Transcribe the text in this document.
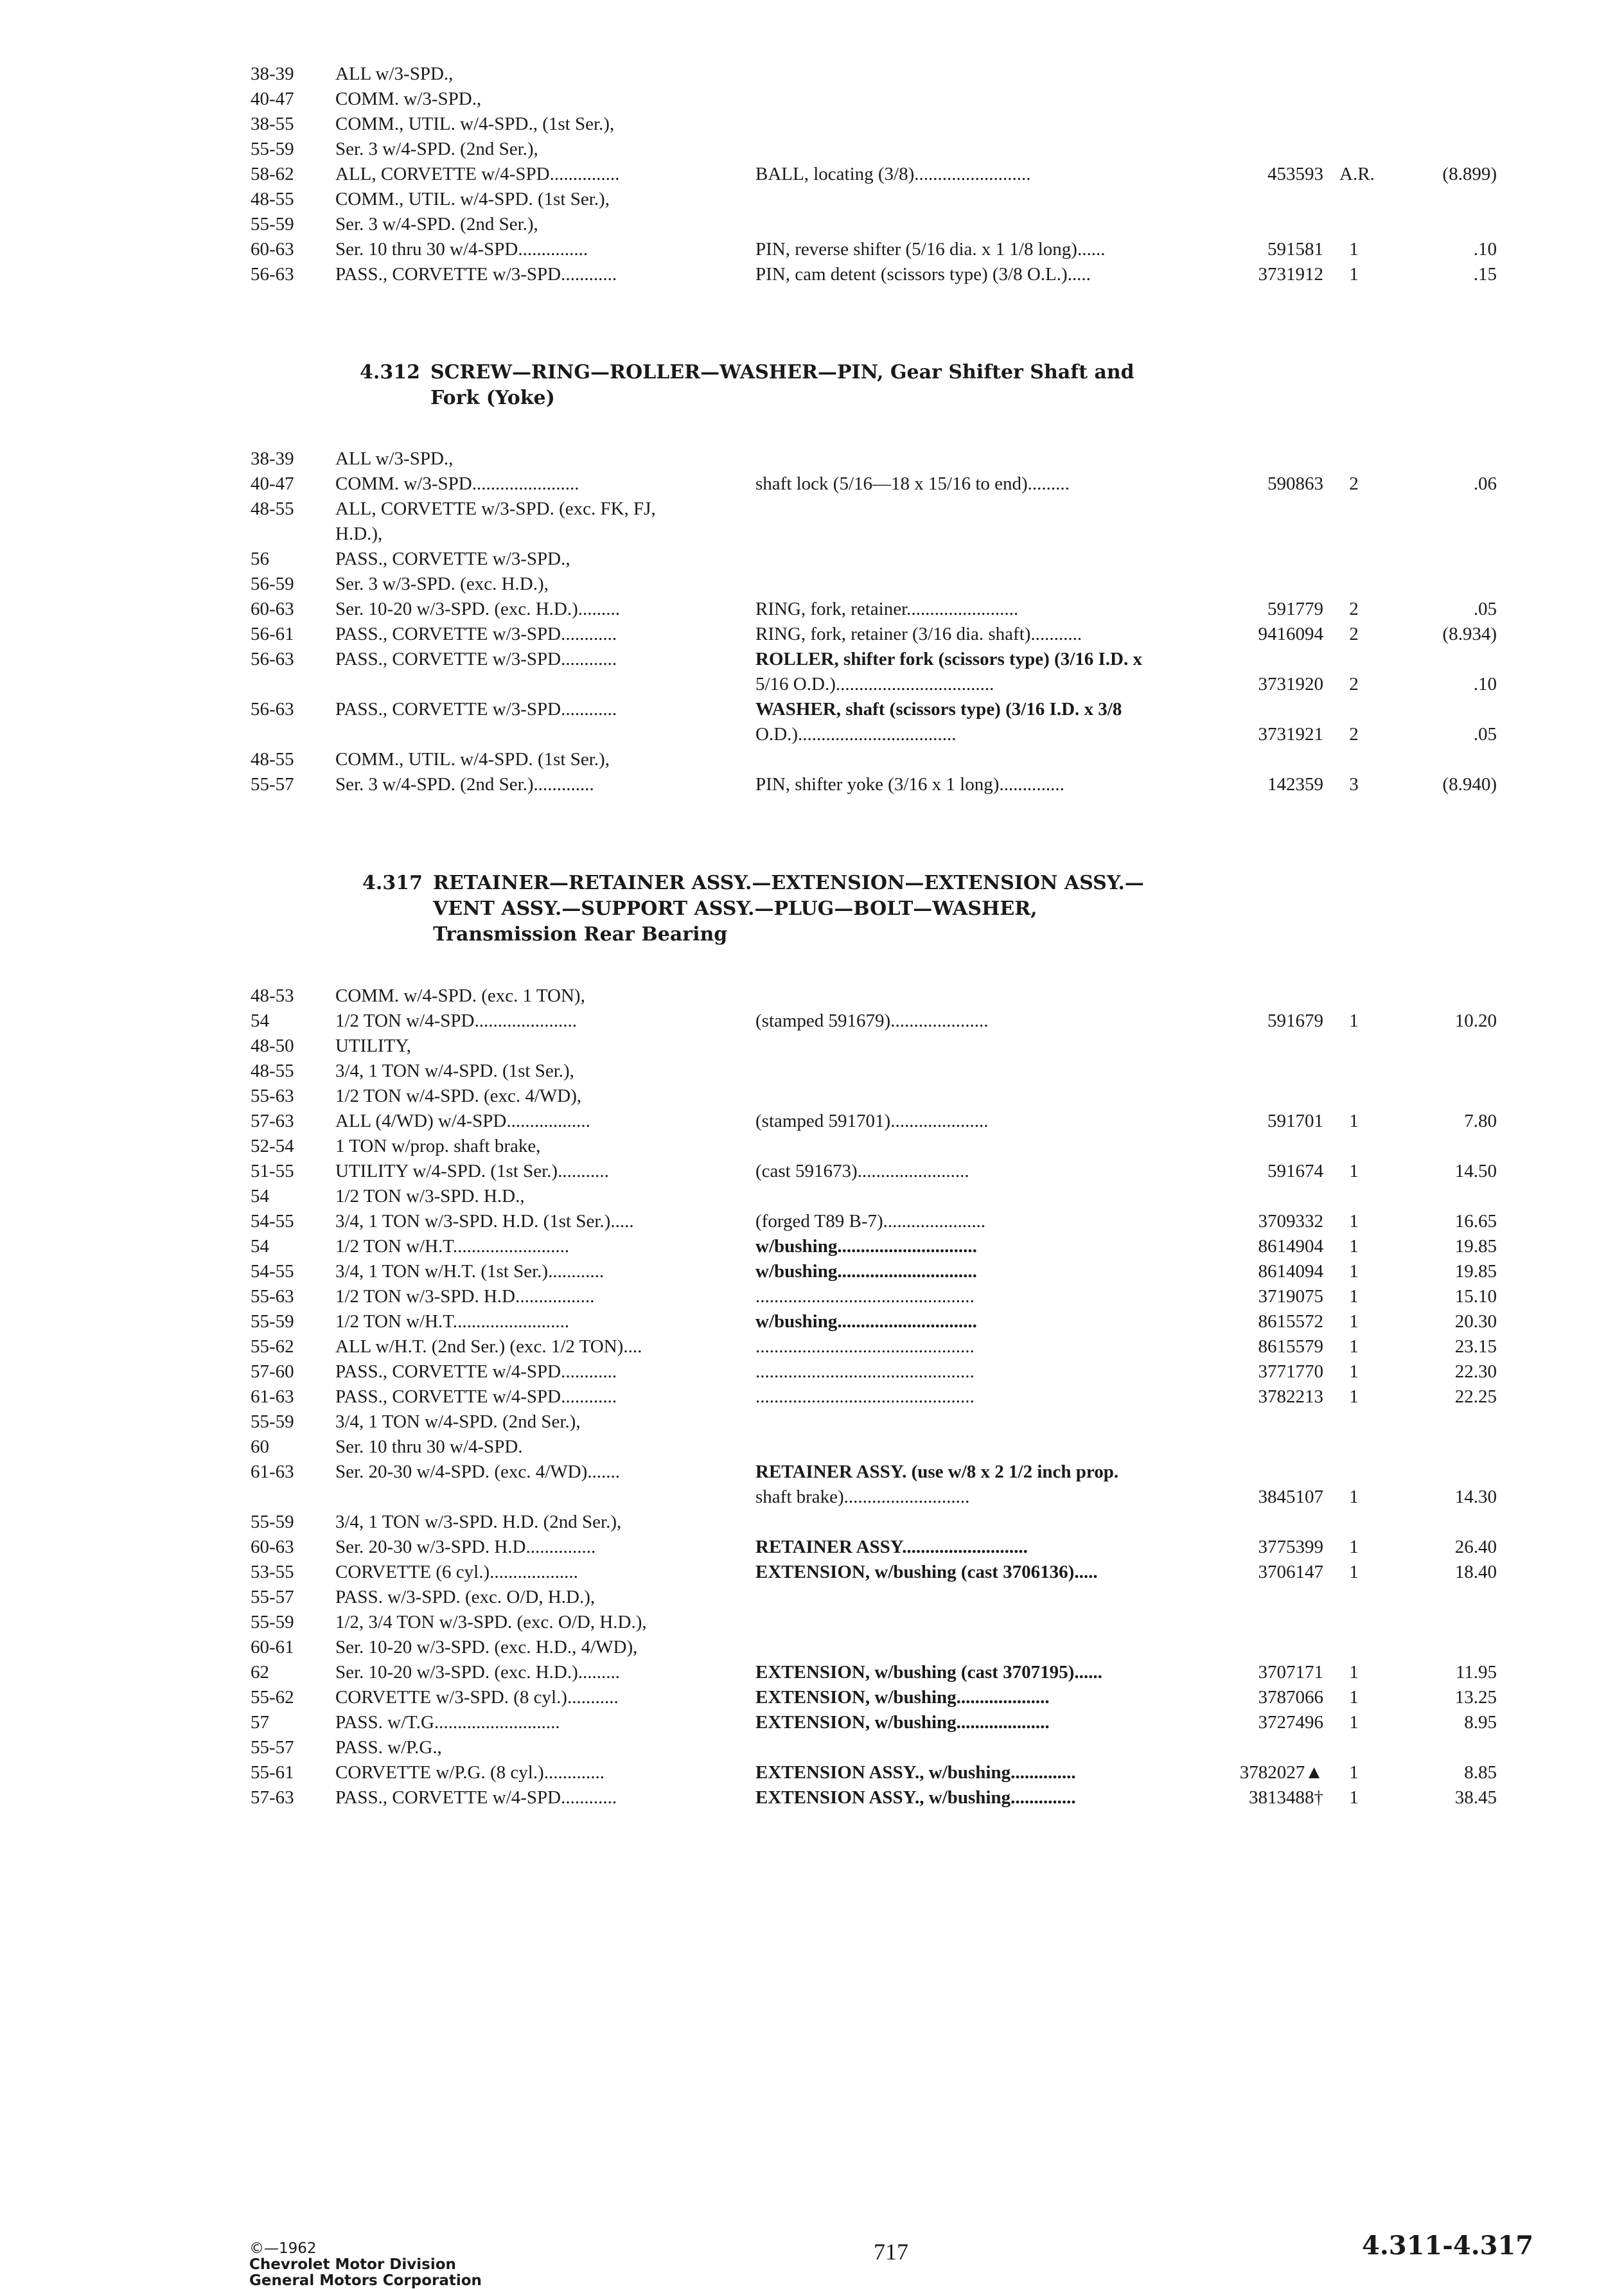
38-39	ALL w/3-SPD.,
40-47	COMM. w/3-SPD.,
38-55	COMM., UTIL. w/4-SPD., (1st Ser.),
55-59	Ser. 3 w/4-SPD. (2nd Ser.),
58-62	ALL, CORVETTE w/4-SPD...............	BALL, locating (3/8).........................	453593 A.R.	(8.899)
48-55	COMM., UTIL. w/4-SPD. (1st Ser.),
55-59	Ser. 3 w/4-SPD. (2nd Ser.),
60-63	Ser. 10 thru 30 w/4-SPD...............	PIN, reverse shifter (5/16 dia. x 1 1/8 long)......	591581	1	.10
56-63	PASS., CORVETTE w/3-SPD............	PIN, cam detent (scissors type) (3/8 O.L.).....	3731912	1	.15
4.312 SCREW—RING—ROLLER—WASHER—PIN, Gear Shifter Shaft and
Fork (Yoke)
38-39	ALL w/3-SPD.,
40-47	COMM. w/3-SPD.......................	shaft lock (5/16—18 x 15/16 to end).........	590863	2	.06
48-55	ALL, CORVETTE w/3-SPD. (exc. FK, FJ,
H.D.),
56	PASS., CORVETTE w/3-SPD.,
56-59	Ser. 3 w/3-SPD. (exc. H.D.),
60-63	Ser. 10-20 w/3-SPD. (exc. H.D.).........	RING, fork, retainer........................	591779	2	.05
56-61	PASS., CORVETTE w/3-SPD............	RING, fork, retainer (3/16 dia. shaft)...........	9416094	2	(8.934)
56-63	PASS., CORVETTE w/3-SPD............	ROLLER, shifter fork (scissors type) (3/16 I.D. x
5/16 O.D.)..................................	3731920	2	.10
56-63	PASS., CORVETTE w/3-SPD............	WASHER, shaft (scissors type) (3/16 I.D. x 3/8
O.D.)..................................	3731921	2	.05
48-55	COMM., UTIL. w/4-SPD. (1st Ser.),
55-57	Ser. 3 w/4-SPD. (2nd Ser.).............	PIN, shifter yoke (3/16 x 1 long)..............	142359	3	(8.940)
4.317 RETAINER—RETAINER ASSY.—EXTENSION—EXTENSION ASSY.—
VENT ASSY.—SUPPORT ASSY.—PLUG—BOLT—WASHER,
Transmission Rear Bearing
48-53	COMM. w/4-SPD. (exc. 1 TON),
54	1/2 TON w/4-SPD......................	(stamped 591679).....................	591679	1	10.20
48-50	UTILITY,
48-55	3/4, 1 TON w/4-SPD. (1st Ser.),
55-63	1/2 TON w/4-SPD. (exc. 4/WD),
57-63	ALL (4/WD) w/4-SPD..................	(stamped 591701).....................	591701	1	7.80
52-54	1 TON w/prop. shaft brake,
51-55	UTILITY w/4-SPD. (1st Ser.)...........	(cast 591673)........................	591674	1	14.50
54	1/2 TON w/3-SPD. H.D.,
54-55	3/4, 1 TON w/3-SPD. H.D. (1st Ser.).....	(forged T89 B-7)......................	3709332	1	16.65
54	1/2 TON w/H.T.........................	w/bushing..............................	8614904	1	19.85
54-55	3/4, 1 TON w/H.T. (1st Ser.)............	w/bushing..............................	8614094	1	19.85
55-63	1/2 TON w/3-SPD. H.D.................	...............................................	3719075	1	15.10
55-59	1/2 TON w/H.T.........................	w/bushing..............................	8615572	1	20.30
55-62	ALL w/H.T. (2nd Ser.) (exc. 1/2 TON)....	...............................................	8615579	1	23.15
57-60	PASS., CORVETTE w/4-SPD............	...............................................	3771770	1	22.30
61-63	PASS., CORVETTE w/4-SPD............	...............................................	3782213	1	22.25
55-59	3/4, 1 TON w/4-SPD. (2nd Ser.),
60	Ser. 10 thru 30 w/4-SPD.
61-63	Ser. 20-30 w/4-SPD. (exc. 4/WD).......	RETAINER ASSY. (use w/8 x 2 1/2 inch prop.
shaft brake)...........................	3845107	1	14.30
55-59	3/4, 1 TON w/3-SPD. H.D. (2nd Ser.),
60-63	Ser. 20-30 w/3-SPD. H.D...............	RETAINER ASSY...........................	3775399	1	26.40
53-55	CORVETTE (6 cyl.)...................	EXTENSION, w/bushing (cast 3706136).....	3706147	1	18.40
55-57	PASS. w/3-SPD. (exc. O/D, H.D.),
55-59	1/2, 3/4 TON w/3-SPD. (exc. O/D, H.D.),
60-61	Ser. 10-20 w/3-SPD. (exc. H.D., 4/WD),
62	Ser. 10-20 w/3-SPD. (exc. H.D.).........	EXTENSION, w/bushing (cast 3707195)......	3707171	1	11.95
55-62	CORVETTE w/3-SPD. (8 cyl.)...........	EXTENSION, w/bushing....................	3787066	1	13.25
57	PASS. w/T.G...........................	EXTENSION, w/bushing....................	3727496	1	8.95
55-57	PASS. w/P.G.,
55-61	CORVETTE w/P.G. (8 cyl.).............	EXTENSION ASSY., w/bushing..............	3782027▲	1	8.85
57-63	PASS., CORVETTE w/4-SPD............	EXTENSION ASSY., w/bushing..............	3813488†	1	38.45
©—1962
Chevrolet Motor Division
General Motors Corporation
717	4.311-4.317
